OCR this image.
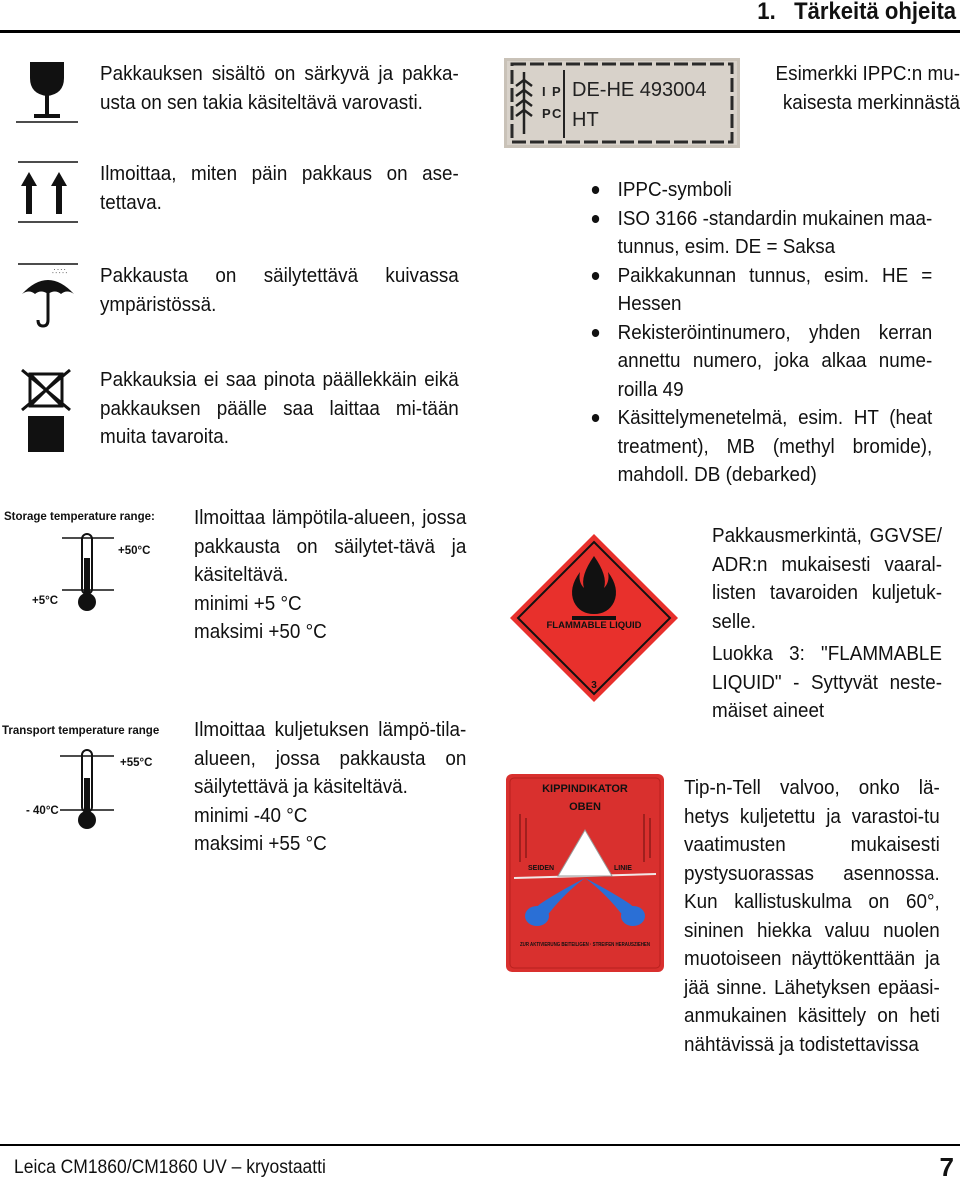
1.   Tärkeitä ohjeita
Pakkauksen sisältö on särkyvä ja pakka-usta on sen takia käsiteltävä varovasti.
Ilmoittaa, miten päin pakkaus on ase-tettava.
∴∵∴ Pakkausta on säilytettävä kuivassa ympäristössä.
Pakkauksia ei saa pinota päällekkäin eikä pakkauksen päälle saa laittaa mi-tään muita tavaroita.
Storage temperature range:
+50°C
+5°C
Ilmoittaa lämpötila-alueen, jossa pakkausta on säilytet-tävä ja käsiteltävä.
minimi +5 °C
maksimi +50 °C
Transport temperature range
+55°C
- 40°C
Ilmoittaa kuljetuksen lämpö-tila-alueen, jossa pakkausta on säilytettävä ja käsiteltävä.
minimi -40 °C
maksimi +55 °C
I
P
P
C
DE-HE 493004
HT
Esimerkki IPPC:n mu-kaisesta merkinnästä
IPPC-symboli
ISO 3166 -standardin mukainen maa-tunnus, esim. DE = Saksa
Paikkakunnan tunnus, esim. HE = Hessen
Rekisteröintinumero, yhden kerran annettu numero, joka alkaa nume-roilla 49
Käsittelymenetelmä, esim. HT (heat treatment), MB (methyl bromide), mahdoll. DB (debarked)
FLAMMABLE LIQUID
3
Pakkausmerkintä, GGVSE/ ADR:n mukaisesti vaaral-listen tavaroiden kuljetuk-selle.
Luokka 3: "FLAMMABLE LIQUID" - Syttyvät neste-mäiset aineet
KIPPINDIKATOR
OBEN
SEIDEN	LINIE
ZUR AKTIVIERUNG BEITEILIGEN · STREIFEN HERAUSZIEHEN
Tip-n-Tell valvoo, onko lä-hetys kuljetettu ja varastoi-tu vaatimusten mukaisesti pystysuorassas asennossa. Kun kallistuskulma on 60°, sininen hiekka valuu nuolen muotoiseen näyttökenttään ja jää sinne. Lähetyksen epäasi-anmukainen käsittely on heti nähtävissä ja todistettavissa
Leica CM1860/CM1860 UV – kryostaatti	7
